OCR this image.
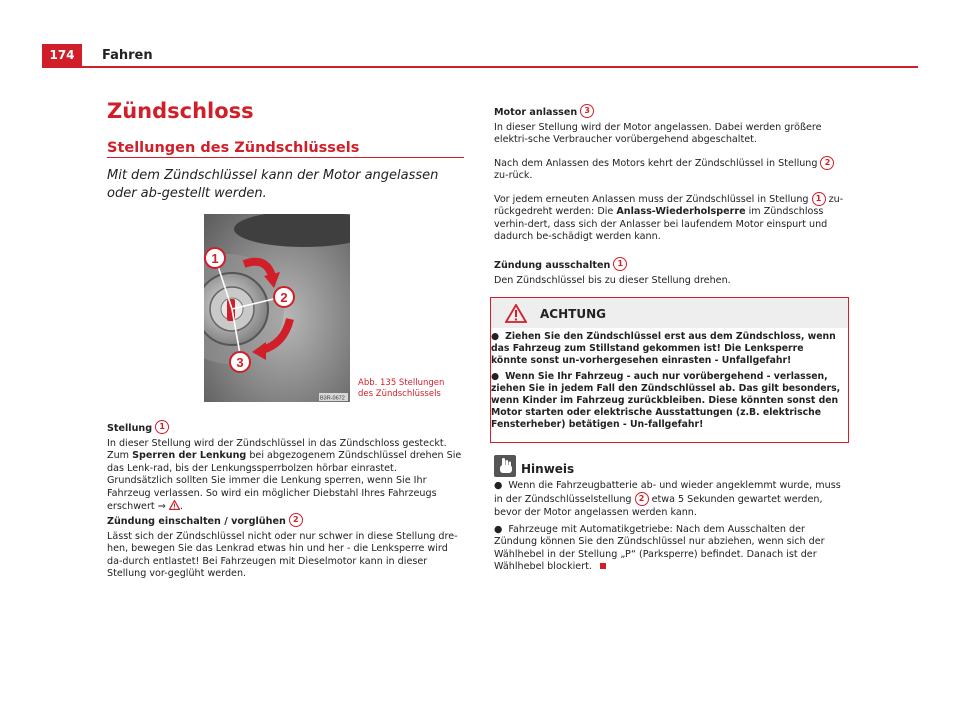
174	Fahren
Zündschloss
Stellungen des Zündschlüssels
Mit dem Zündschlüssel kann der Motor angelassen oder ab-gestellt werden.
1
2
3
B3R-0672
Abb. 135 Stellungen
des Zündschlüssels
Stellung 1

In dieser Stellung wird der Zündschlüssel in das Zündschloss gesteckt. Zum Sperren der Lenkung bei abgezogenem Zündschlüssel drehen Sie das Lenk-rad, bis der Lenkungssperrbolzen hörbar einrastet. Grundsätzlich sollten Sie immer die Lenkung sperren, wenn Sie Ihr Fahrzeug verlassen. So wird ein möglicher Diebstahl Ihres Fahrzeugs erschwert ⇒ .

Zündung einschalten / vorglühen 2

Lässt sich der Zündschlüssel nicht oder nur schwer in diese Stellung dre-hen, bewegen Sie das Lenkrad etwas hin und her - die Lenksperre wird da-durch entlastet! Bei Fahrzeugen mit Dieselmotor kann in dieser Stellung vor-geglüht werden.

Motor anlassen 3

In dieser Stellung wird der Motor angelassen. Dabei werden größere elektri-sche Verbraucher vorübergehend abgeschaltet.

Nach dem Anlassen des Motors kehrt der Zündschlüssel in Stellung 2 zu-rück.

Vor jedem erneuten Anlassen muss der Zündschlüssel in Stellung 1 zu-rückgedreht werden: Die Anlass-Wiederholsperre im Zündschloss verhin-dert, dass sich der Anlasser bei laufendem Motor einspurt und dadurch be-schädigt werden kann.

Zündung ausschalten 1

Den Zündschlüssel bis zu dieser Stellung drehen.

ACHTUNG

● Ziehen Sie den Zündschlüssel erst aus dem Zündschloss, wenn das Fahrzeug zum Stillstand gekommen ist! Die Lenksperre könnte sonst un-vorhergesehen einrasten - Unfallgefahr!

● Wenn Sie Ihr Fahrzeug - auch nur vorübergehend - verlassen, ziehen Sie in jedem Fall den Zündschlüssel ab. Das gilt besonders, wenn Kinder im Fahrzeug zurückbleiben. Diese könnten sonst den Motor starten oder elektrische Ausstattungen (z.B. elektrische Fensterheber) betätigen - Un-fallgefahr!

Hinweis

● Wenn die Fahrzeugbatterie ab- und wieder angeklemmt wurde, muss in der Zündschlüsselstellung 2 etwa 5 Sekunden gewartet werden, bevor der Motor angelassen werden kann.

● Fahrzeuge mit Automatikgetriebe: Nach dem Ausschalten der Zündung können Sie den Zündschlüssel nur abziehen, wenn sich der Wählhebel in der Stellung „P“ (Parksperre) befindet. Danach ist der Wählhebel blockiert.
